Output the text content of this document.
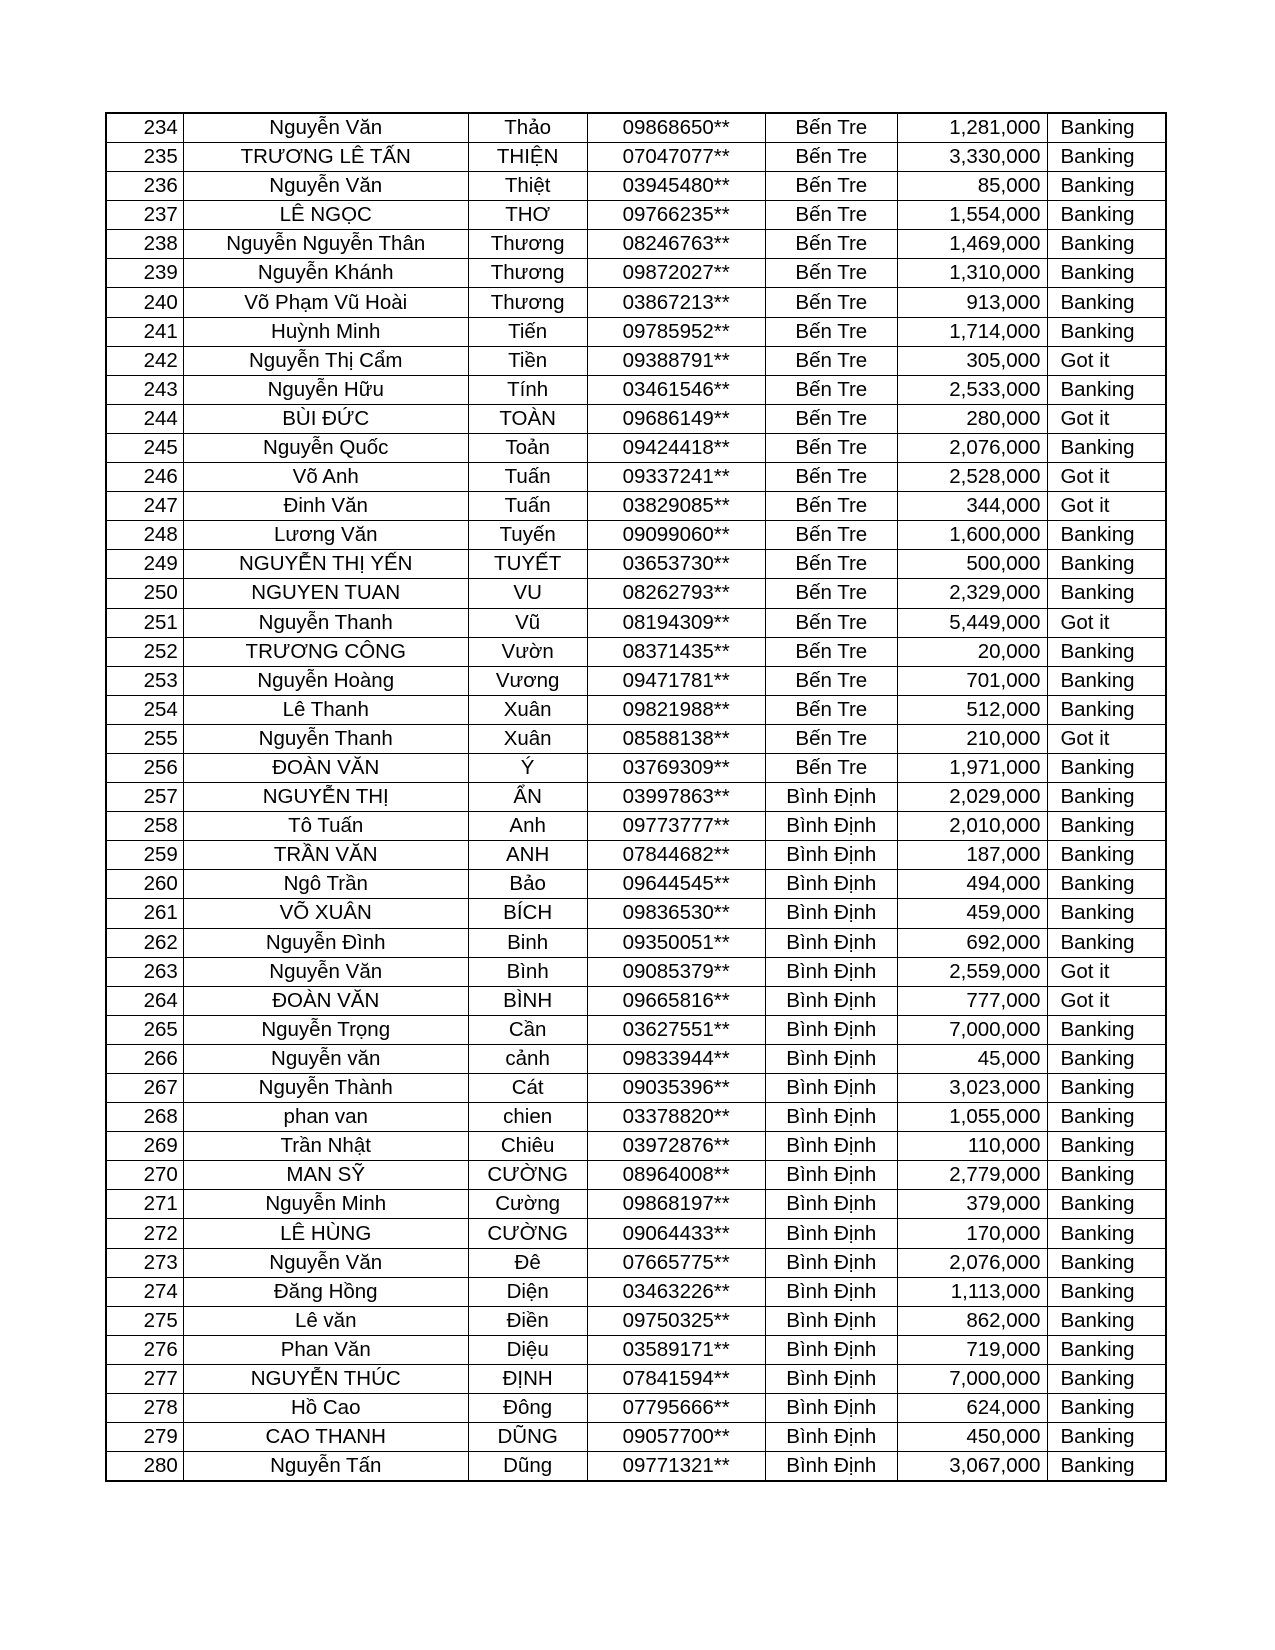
234	Nguyễn Văn	Thảo	09868650**	Bến Tre	1,281,000	Banking
235	TRƯƠNG LÊ TẤN	THIỆN	07047077**	Bến Tre	3,330,000	Banking
236	Nguyễn Văn	Thiệt	03945480**	Bến Tre	85,000	Banking
237	LÊ NGỌC	THƠ	09766235**	Bến Tre	1,554,000	Banking
238	Nguyễn Nguyễn Thân	Thương	08246763**	Bến Tre	1,469,000	Banking
239	Nguyễn Khánh	Thương	09872027**	Bến Tre	1,310,000	Banking
240	Võ Phạm Vũ Hoài	Thương	03867213**	Bến Tre	913,000	Banking
241	Huỳnh Minh	Tiến	09785952**	Bến Tre	1,714,000	Banking
242	Nguyễn Thị Cẩm	Tiền	09388791**	Bến Tre	305,000	Got it
243	Nguyễn Hữu	Tính	03461546**	Bến Tre	2,533,000	Banking
244	BÙI ĐỨC	TOÀN	09686149**	Bến Tre	280,000	Got it
245	Nguyễn Quốc	Toản	09424418**	Bến Tre	2,076,000	Banking
246	Võ Anh	Tuấn	09337241**	Bến Tre	2,528,000	Got it
247	Đinh Văn	Tuấn	03829085**	Bến Tre	344,000	Got it
248	Lương Văn	Tuyến	09099060**	Bến Tre	1,600,000	Banking
249	NGUYỄN THỊ YẾN	TUYẾT	03653730**	Bến Tre	500,000	Banking
250	NGUYEN TUAN	VU	08262793**	Bến Tre	2,329,000	Banking
251	Nguyễn Thanh	Vũ	08194309**	Bến Tre	5,449,000	Got it
252	TRƯƠNG CÔNG	Vườn	08371435**	Bến Tre	20,000	Banking
253	Nguyễn Hoàng	Vương	09471781**	Bến Tre	701,000	Banking
254	Lê Thanh	Xuân	09821988**	Bến Tre	512,000	Banking
255	Nguyễn Thanh	Xuân	08588138**	Bến Tre	210,000	Got it
256	ĐOÀN VĂN	Ý	03769309**	Bến Tre	1,971,000	Banking
257	NGUYỄN THỊ	ẨN	03997863**	Bình Định	2,029,000	Banking
258	Tô Tuấn	Anh	09773777**	Bình Định	2,010,000	Banking
259	TRẦN VĂN	ANH	07844682**	Bình Định	187,000	Banking
260	Ngô Trần	Bảo	09644545**	Bình Định	494,000	Banking
261	VÕ XUÂN	BÍCH	09836530**	Bình Định	459,000	Banking
262	Nguyễn Đình	Binh	09350051**	Bình Định	692,000	Banking
263	Nguyễn Văn	Bình	09085379**	Bình Định	2,559,000	Got it
264	ĐOÀN VĂN	BÌNH	09665816**	Bình Định	777,000	Got it
265	Nguyễn Trọng	Cần	03627551**	Bình Định	7,000,000	Banking
266	Nguyễn văn	cảnh	09833944**	Bình Định	45,000	Banking
267	Nguyễn Thành	Cát	09035396**	Bình Định	3,023,000	Banking
268	phan van	chien	03378820**	Bình Định	1,055,000	Banking
269	Trần Nhật	Chiêu	03972876**	Bình Định	110,000	Banking
270	MAN SỸ	CƯỜNG	08964008**	Bình Định	2,779,000	Banking
271	Nguyễn Minh	Cường	09868197**	Bình Định	379,000	Banking
272	LÊ HÙNG	CƯỜNG	09064433**	Bình Định	170,000	Banking
273	Nguyễn Văn	Đê	07665775**	Bình Định	2,076,000	Banking
274	Đăng Hồng	Diện	03463226**	Bình Định	1,113,000	Banking
275	Lê văn	Điền	09750325**	Bình Định	862,000	Banking
276	Phan Văn	Diệu	03589171**	Bình Định	719,000	Banking
277	NGUYỄN THÚC	ĐỊNH	07841594**	Bình Định	7,000,000	Banking
278	Hồ Cao	Đông	07795666**	Bình Định	624,000	Banking
279	CAO THANH	DŨNG	09057700**	Bình Định	450,000	Banking
280	Nguyễn Tấn	Dũng	09771321**	Bình Định	3,067,000	Banking
